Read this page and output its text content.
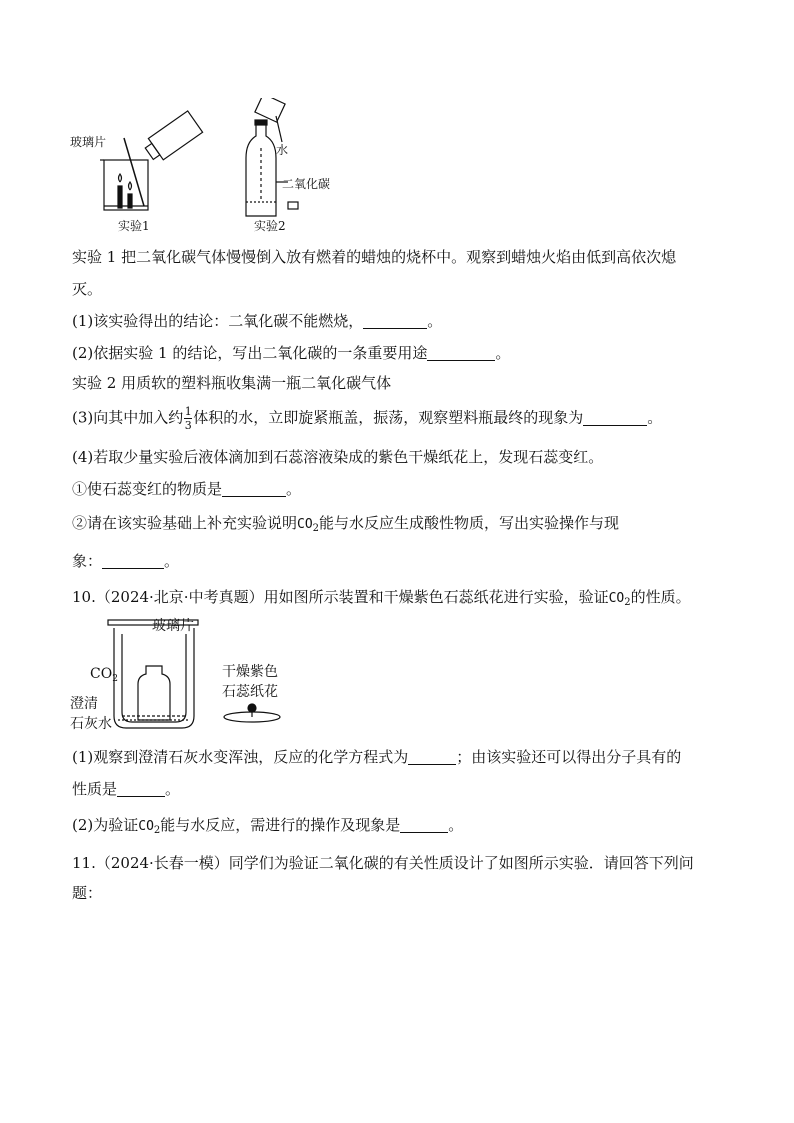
玻璃片
实验1
水
二氧化碳
实验2
实验 1 把二氧化碳气体慢慢倒入放有燃着的蜡烛的烧杯中。观察到蜡烛火焰由低到高依次熄
灭。
(1)该实验得出的结论：二氧化碳不能燃烧，	。
(2)依据实验 1 的结论，写出二氧化碳的一条重要用途	。
实验 2 用质软的塑料瓶收集满一瓶二氧化碳气体
(3)向其中加入约 $\frac{1}{3}$ 体积的水，立即旋紧瓶盖，振荡，观察塑料瓶最终的现象为	。
(4)若取少量实验后液体滴加到石蕊溶液染成的紫色干燥纸花上，发现石蕊变红。
①使石蕊变红的物质是	。
②请在该实验基础上补充实验说明$CO_2$能与水反应生成酸性物质，写出实验操作与现
象：	。
10.（2024·北京·中考真题）用如图所示装置和干燥紫色石蕊纸花进行实验，验证$CO_2$的性质。
玻璃片
$CO_2$
澄清
石灰水
干燥紫色
石蕊纸花
(1)观察到澄清石灰水变浑浊，反应的化学方程式为	；由该实验还可以得出分子具有的
性质是	。
(2)为验证$CO_2$能与水反应，需进行的操作及现象是	。
11.（2024·长春一模）同学们为验证二氧化碳的有关性质设计了如图所示实验．请回答下列问
题：
